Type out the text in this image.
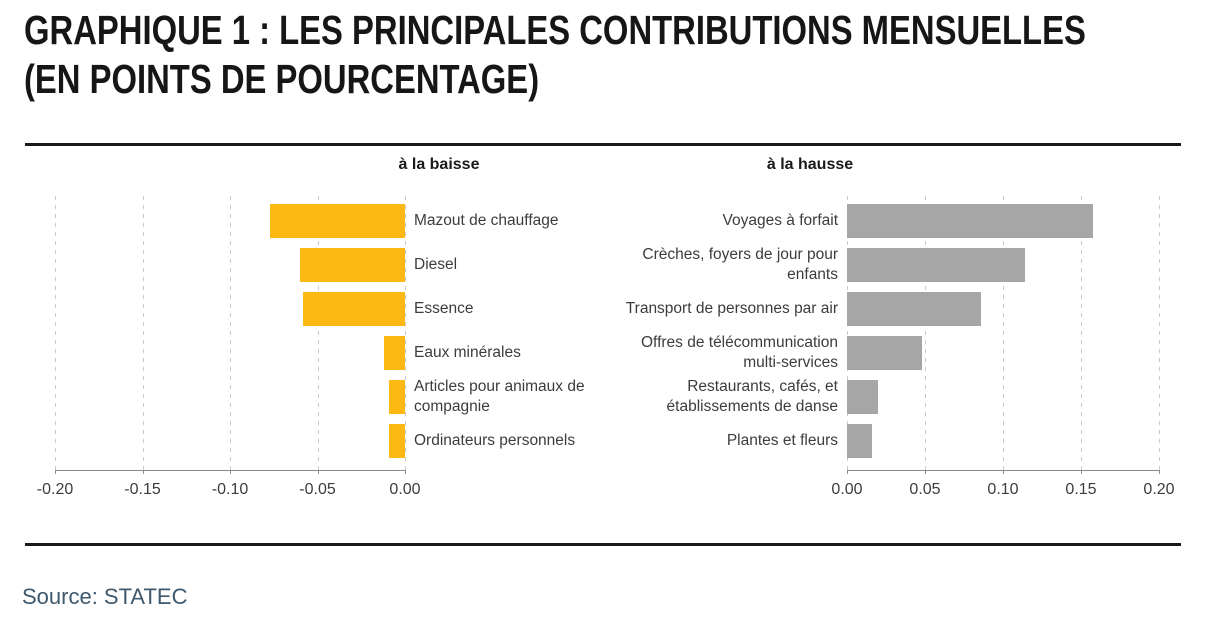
GRAPHIQUE 1 : LES PRINCIPALES CONTRIBUTIONS MENSUELLES
(EN POINTS DE POURCENTAGE)
à la baisse	à la hausse
-0.20	-0.15	-0.10	-0.05	0.00
Mazout de chauffage
Diesel
Essence
Eaux minérales
Articles pour animaux de compagnie
Ordinateurs personnels
0.00	0.05	0.10	0.15	0.20
Voyages à forfait
Crèches, foyers de jour pour enfants
Transport de personnes par air
Offres de télécommunication multi-services
Restaurants, cafés, et établissements de danse
Plantes et fleurs
Source: STATEC
